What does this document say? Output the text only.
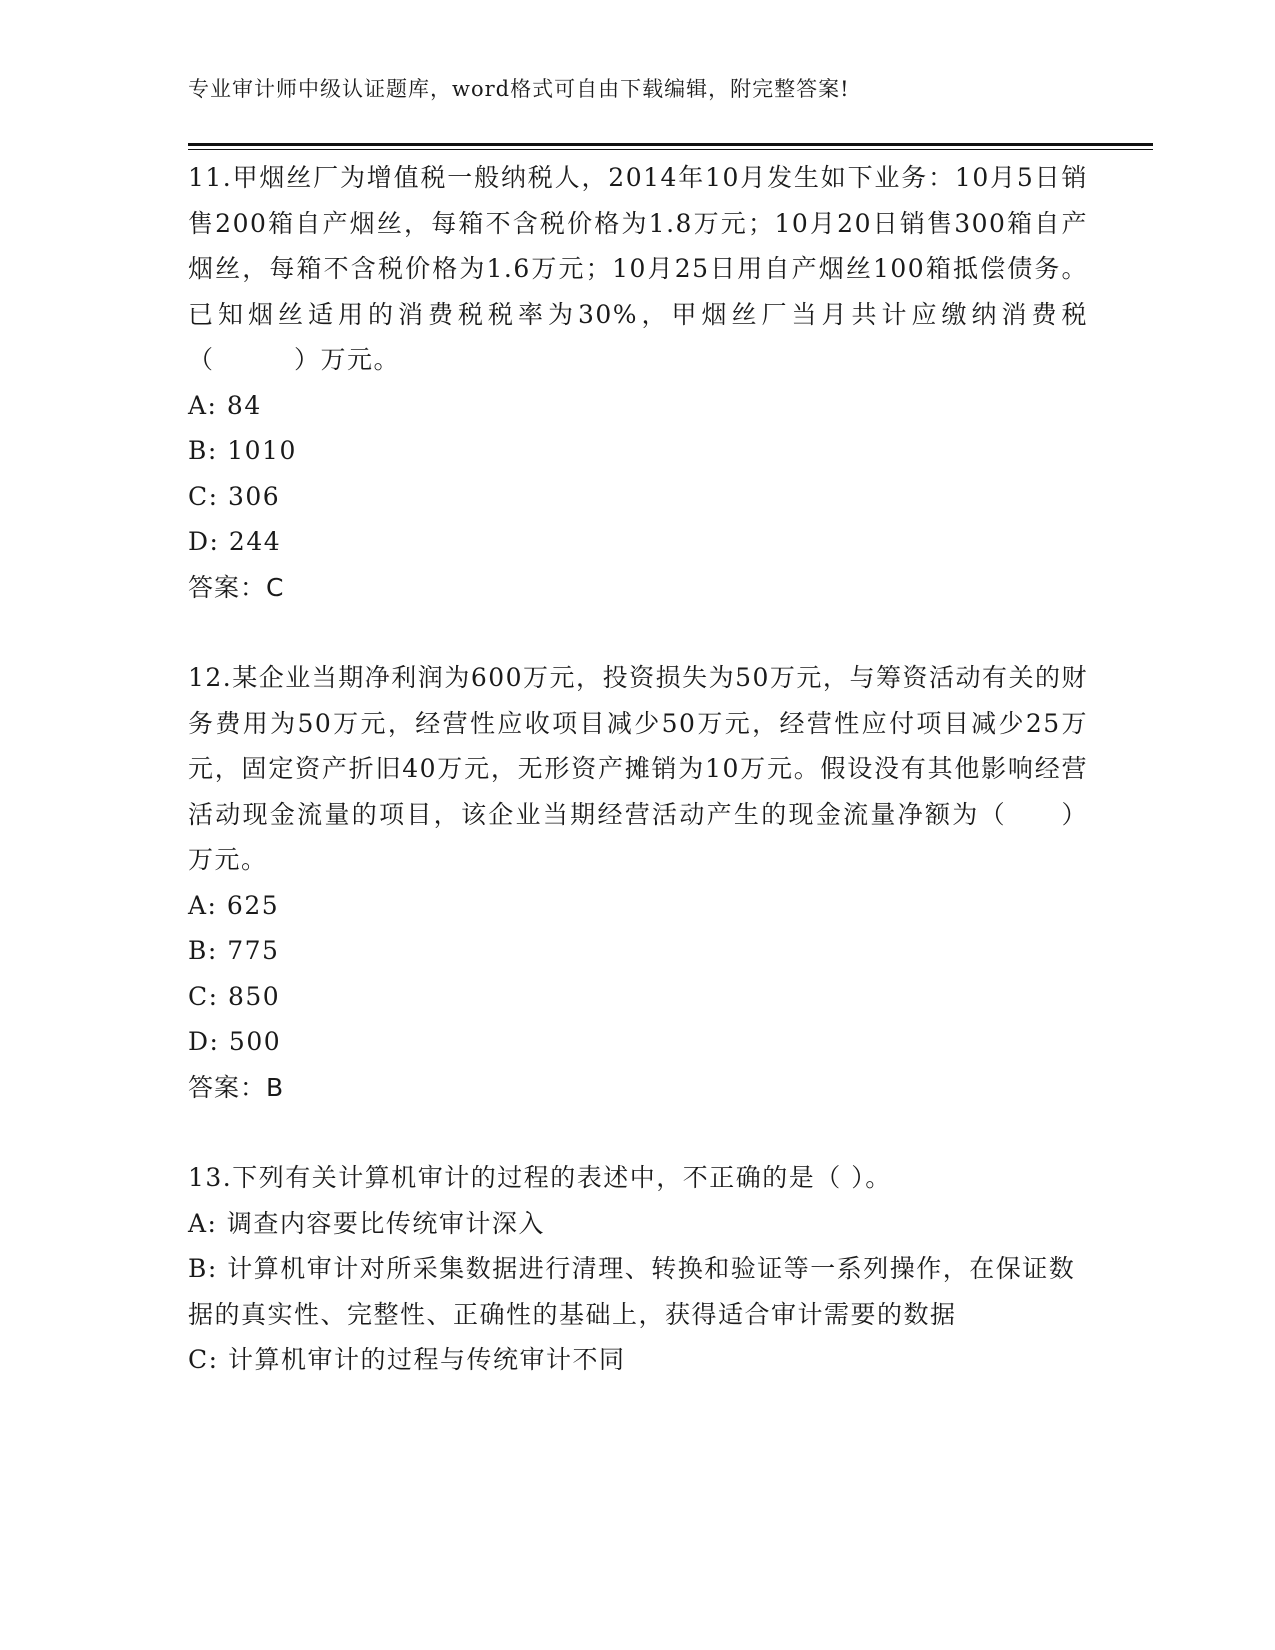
专业审计师中级认证题库，word格式可自由下载编辑，附完整答案!

11.甲烟丝厂为增值税一般纳税人，2014年10月发生如下业务：10月5日销售200箱自产烟丝，每箱不含税价格为1.8万元；10月20日销售300箱自产烟丝，每箱不含税价格为1.6万元；10月25日用自产烟丝100箱抵偿债务。已知烟丝适用的消费税税率为30%，甲烟丝厂当月共计应缴纳消费税（　　　）万元。

A: 84

B: 1010

C: 306

D: 244

答案：C

12.某企业当期净利润为600万元，投资损失为50万元，与筹资活动有关的财务费用为50万元，经营性应收项目减少50万元，经营性应付项目减少25万元，固定资产折旧40万元，无形资产摊销为10万元。假设没有其他影响经营活动现金流量的项目，该企业当期经营活动产生的现金流量净额为（　　）万元。

A: 625

B: 775

C: 850

D: 500

答案：B

13.下列有关计算机审计的过程的表述中，不正确的是（ ）。

A: 调查内容要比传统审计深入

B: 计算机审计对所采集数据进行清理、转换和验证等一系列操作，在保证数据的真实性、完整性、正确性的基础上，获得适合审计需要的数据

C: 计算机审计的过程与传统审计不同
